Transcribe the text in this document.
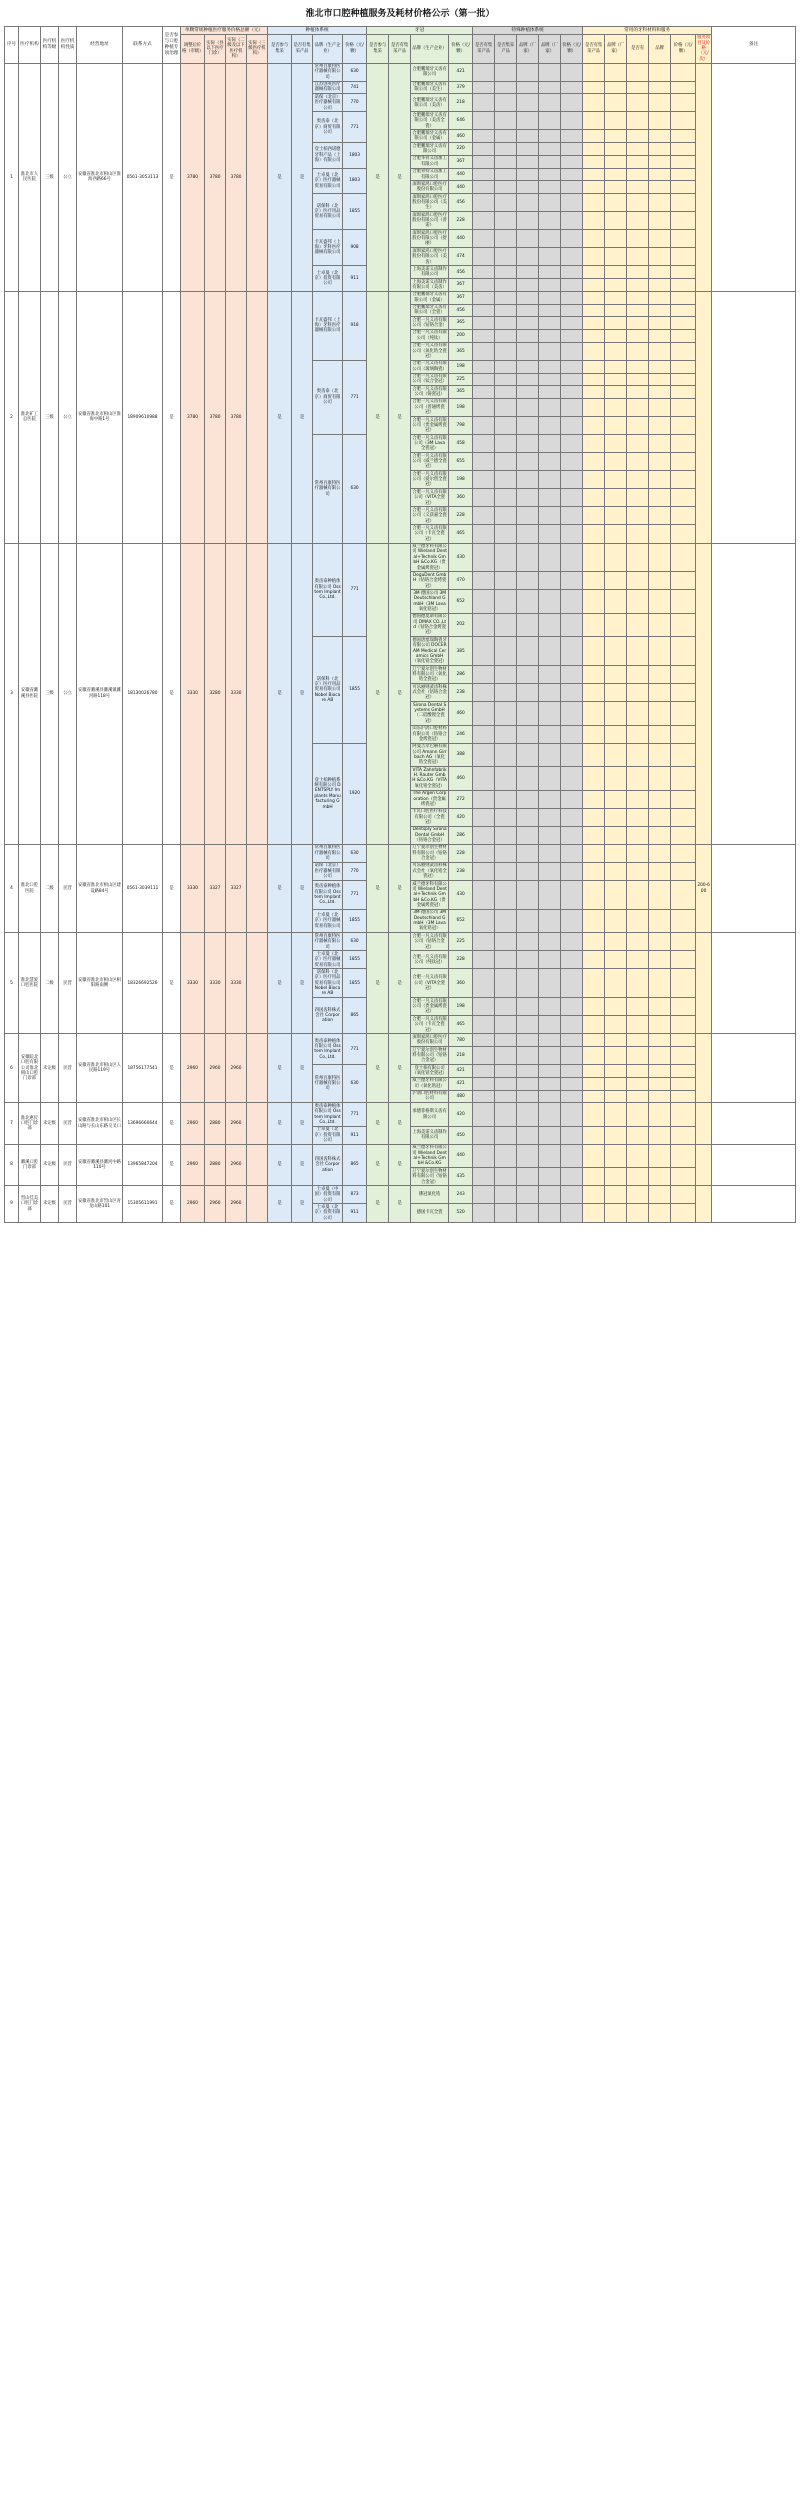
淮北市口腔种植服务及耗材价格公示（第一批）
序号	医疗机构	医疗机构等级	医疗机构性质	经营地址	联系方式	是否参与口腔种植专项治理	单颗常规种植医疗服务价格总额（元）				种植体系统				牙冠				特殊种植体系统					常用的牙科材料和服务						备注
							调整后价格（市级）	实际（县以下医疗门诊）	实际（二级及以下医疗机构）	实际（三级医疗机构）	是否参与集采	是否有集采产品	品牌（生产企业）	价格（元/颗）	是否参与集采	是否有集采产品	品牌（生产企业）	价格（元/颗）	是否有集采产品	是否集采产品	品牌（厂家）	品牌（厂家）	价格（元/颗）	是否有集采产品	品牌（厂家）	是否有	品牌	价格（元/颗）	服务项目及价格（元/次）	
1	淮北市人民医院	三级	公立	安徽省淮北市相山区淮海西路66号	0561-3053113	是	3780	3780	3780		是	是	常州百康特医疗器械有限公司	630	是	是	合肥鹏瑞牙义齿有限公司	421												
													江苏创英医疗器械有限公司	741			合肥鹏瑞牙义齿有限公司（美生）	379												
													诺保（北京）医疗器械有限公司	770			合肥鹏瑞牙义齿有限公司（美齿）	218												
													奥齿泰（北京）商贸有限公司	771			合肥鹏瑞牙义齿有限公司（美齿全瓷）	646												
																	合肥鹏瑞牙义齿有限公司（金属）	460												
													登士柏西诺德牙科产品（上海）有限公司	1803			合肥鹏瑞牙义齿有限公司	220												
																	合肥华骨义齿加工有限公司	367												
													士卓曼（北京）医疗器械贸易有限公司	1803			合肥骨特义齿加工有限公司	440												
																	深圳家鸿口腔医疗股份有限公司	440												
													诺保科（北京）医疗用品贸易有限公司	1855			深圳家鸿口腔医疗股份有限公司（美生）	456												
																	深圳家鸿口腔医疗股份有限公司（普诺）	228												
													卡瓦盛邦（上海）牙科医疗器械有限公司	908			深圳家鸿口腔医疗股份有限公司（舒丽）	440												
																	深圳家鸿口腔医疗股份有限公司（美齿）	474												
													士卓曼（北京）投资有限公司	911			上海美诺义齿制作有限公司	456												
																	上海美诺义齿制作有限公司（美齿）	367												
2	淮北矿工总医院	三级	公立	安徽省淮北市相山区淮海中路1号	18909610988	是	3780	3780	3780		是	是	卡瓦盛邦（上海）牙科医疗器械有限公司	918	是	是	合肥鹏瑞牙义齿有限公司（金属）	367												
																	合肥鹏瑞牙义齿有限公司（全瓷）	456												
																	合肥一凡义齿有限公司（钴铬合金）	365												
																	合肥一凡义齿有限公司（纯钛）	200												
																	合肥一凡义齿有限公司（氧化锆全瓷冠）	365												
													奥齿泰（北京）商贸有限公司	771			合肥一凡义齿有限公司（玻璃陶瓷）	198												
																	合肥一凡义齿有限公司（钛合金冠）	225												
																	合肥一凡义齿有限公司（铸瓷冠）	365												
																	合肥一凡义齿有限公司（普通烤瓷冠）	198												
																	合肥一凡义齿有限公司（贵金属烤瓷冠）	798												
													常州百康特医疗器械有限公司	630			合肥一凡义齿有限公司（3M Lava全瓷冠）	458												
																	合肥一凡义齿有限公司（威兰德全瓷冠）	655												
																	合肥一凡义齿有限公司（爱尔创全瓷冠）	198												
																	合肥一凡义齿有限公司（VITA全瓷冠）	360												
																	合肥一凡义齿有限公司（义获嘉全瓷冠）	228												
																	合肥一凡义齿有限公司（卡瓦全瓷冠）	465												
3	安徽省濉溪县医院	三级	公立	安徽省濉溪县濉溪镇濉河路118号	18130026780	是	3330	3280	3330		是	是	奥齿泰种植体有限公司 Osstem Implant Co.,Ltd.	771	是	是	威兰德牙科有限公司 Wieland Dental+Technik GmbH &Co.KG（贵金属烤瓷冠）	430												
																	DeguDent GmbH（钴铬合金烤瓷冠）	470												
																	3M 德国公司 3M Deutschland GmbH（3M Lava 氧化锆冠）	652												
																	德国德莫斯有限公司 DMAX CO.,Ltd（钴铬合金烤瓷冠）	202												
													诺保科（北京）医疗用品贸易有限公司 Nobel Biocare AB	1855			德国唐塞瑞陶瓷牙有限公司 DOCERAM Medical Ceramics GmbH（氧化锆全瓷冠）	385												
																	辽宁爱尔创生物材料有限公司（氧化锆全瓷冠）	286												
																	可乐丽则武齿科株式会社（钴铬合金冠）	238												
																	Sirona Dental Systems GmbH（二硅酸锂全瓷冠）	460												
																	山东沪鸽口腔材料有限公司（钴铬合金烤瓷冠）	246												
													登士柏种植系统有限公司 DENTSPLY Implants Manufacturing GmbH	1920			阿曼吉尔巴赫有限公司 Amann Girrbach AG（氧化锆全瓷冠）	388												
																	VITA Zahnfabrik H. Rauter GmbH &Co.KG（VITA 氧化锆全瓷冠）	460												
																	The Argen Corporation（贵金属烤瓷冠）	272												
																	卡瓦口腔医疗科技有限公司（全瓷冠）	420												
																	Dentsply Sirona Dental GmbH（钴铬合金冠）	286												
4	淮北口腔医院	二级	民营	安徽省淮北市相山区建设路84号	0561-3039111	是	3330	3327	3327		是	是	常州百康特医疗器械有限公司	630	是	是	辽宁爱尔创生物材料有限公司（钴铬合金冠）	228											200-600	
													诺保（北京）医疗器械有限公司	770			可乐丽则武齿科株式会社（氧化锆全瓷冠）	238												
													奥齿泰种植体有限公司 Osstem Implant Co.,Ltd.	771			威兰德牙科有限公司 Wieland Dental+Technik GmbH &Co.KG（贵金属烤瓷冠）	430												
													士卓曼（北京）医疗器械贸易有限公司	1855			3M 德国公司 3M Deutschland GmbH（3M Lava 氧化锆冠）	652												
5	淮北慧爱口腔医院	二级	民营	安徽省淮北市相山区相阳路南侧	18326692526	是	3330	3330	3330		是	是	常州百康特医疗器械有限公司	630	是	是	合肥一凡义齿有限公司（钴铬合金冠）	225												
													士卓曼（北京）医疗器械贸易有限公司	1855			合肥一凡义齿有限公司（纯钛冠）	228												
													诺保科（北京）医疗用品贸易有限公司 Nobel Biocare AB	1855			合肥一凡义齿有限公司（VITA全瓷冠）	360												
													四国齿科株式会社 Corporation	865			合肥一凡义齿有限公司（贵金属烤瓷冠）	198												
																	合肥一凡义齿有限公司（卡瓦全瓷冠）	465												
6	安徽皖北口腔有限公司淮北相山口腔门诊部	未定级	民营	安徽省淮北市相山区人民路119号	18756177541	是	2960	2960	2960		是	是	奥齿泰种植体有限公司 Osstem Implant Co.,Ltd.	771	是	是	深圳家鸿口腔医疗股份有限公司	780												
																	辽宁爱尔创生物材料有限公司（钴铬合金冠）	218												
													常州百康特医疗器械有限公司	630			登士柏有限公司（氧化锆全瓷冠）	421												
																	威兰德牙科有限公司（氧化锆冠）	421												
																	沪鸽口腔材料有限公司	480												
7	淮北惠民口腔门诊部	未定级	民营	安徽省淮北市相山区长山路与长山东路交叉口	13696660644	是	2960	2880	2960		是	是	奥齿泰种植体有限公司 Osstem Implant Co.,Ltd.	771	是	是	承德菲格斯义齿有限公司	420												
													士卓曼（北京）投资有限公司	911			上海美诺义齿制作有限公司	450												
8	濉溪口腔门诊部	未定级	民营	安徽省濉溪县濉河中路110号	13965847204	是	2960	2880	2960		是	是	四国齿科株式会社 Corporation	865	是	是	威兰德牙科有限公司 Wieland Dental+Technik GmbH &Co.KG	440												
																	辽宁爱尔创生物材料有限公司（钴铬合金冠）	435												
9	烈山佳美口腔门诊部	未定级	民营	安徽省淮北市烈山区青龙山路101	15305611991	是	2960	2960	2960		是	是	士卓曼（中国）投资有限公司	873	是	是	佛冠氧化锆	243												
													士卓曼（北京）投资有限公司	911			德国卡瓦全瓷	520												
